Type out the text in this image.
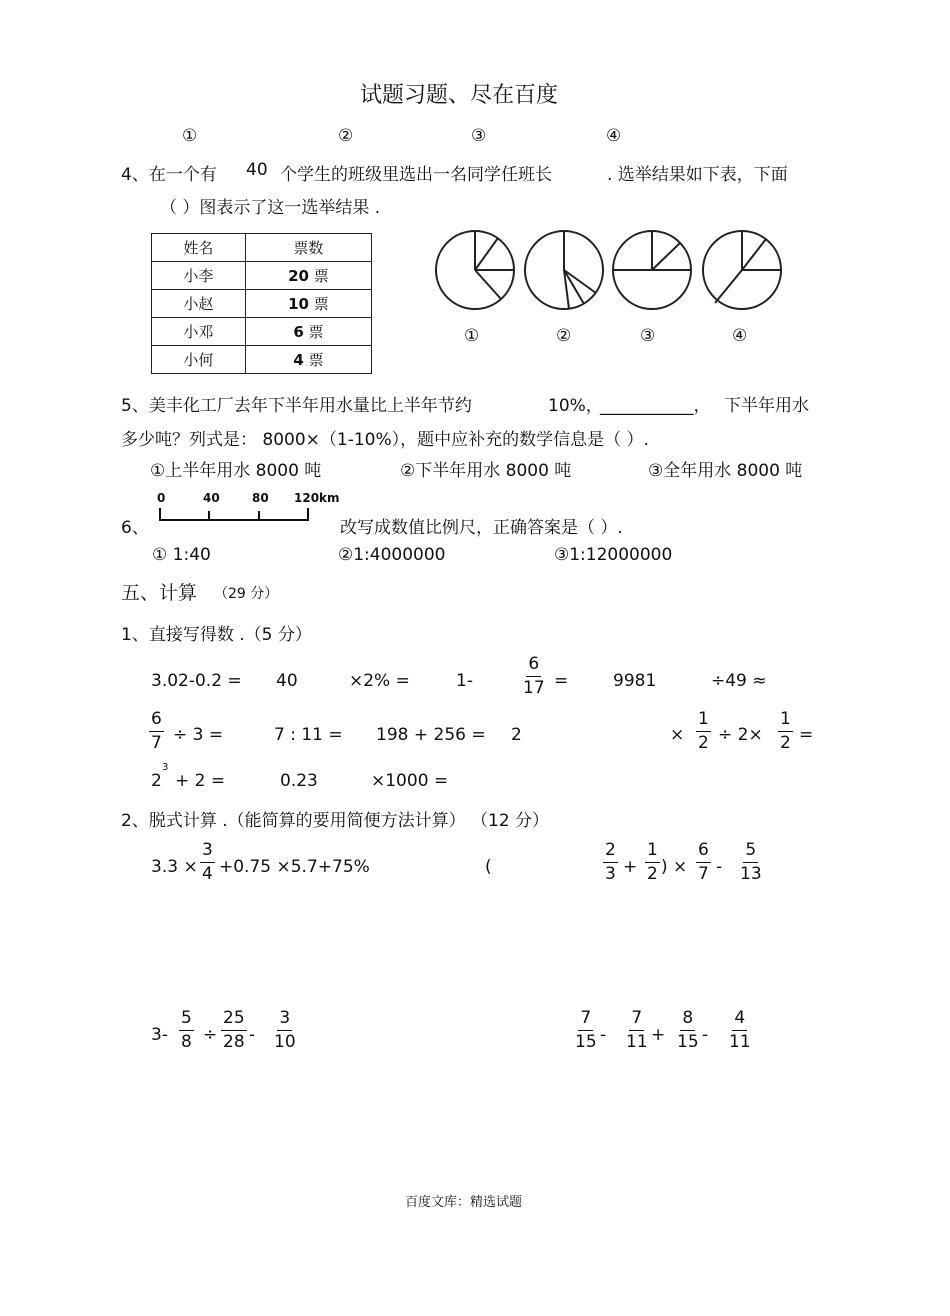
试题习题、尽在百度
①	②	③	④
4、在一个有 40 个学生的班级里选出一名同学任班长	. 选举结果如下表，下面
（ ）图表示了这一选举结果 .
姓名	票数
小李	20 票
小赵	10 票
小邓	6 票
小何	4 票
①	②	③	④
5、美丰化工厂去年下半年用水量比上半年节约	10%，
___________， 下半年用水
多少吨？列式是： 8000×（1-10%），题中应补充的数学信息是（ ）.
①上半年用水 8000 吨	②下半年用水 8000 吨	③全年用水 8000 吨
6、
0	40	80 120km
改写成数值比例尺，正确答案是（ ）.
① 1:40	②1:4000000	③1:12000000
五、计算 （29 分）
1、直接写得数 .（5 分）
3.02-0.2 = 40	×2% =	1-	$\frac{6}{17}$ =	9981	÷49 ≈
$\frac{6}{7} \div 3$ =	7 : 11 = 198 + 256 = 2	× $\frac{1}{2} \div 2\times \frac{1}{2}$ =
2
3
+ 2 =	0.23	×1000 =
2、脱式计算 .（能简算的要用简便方法计算） （12 分）
$3.3 \times \frac{3}{4} +0.75 \times 5.7+75\%$	(	$\frac{2}{3} + \frac{1}{2}$ ) × $\frac{6}{7} - \frac{5}{13}$
$3- \frac{5}{8} \div \frac{25}{28} - \frac{3}{10}$	$\frac{7}{15} - \frac{7}{11} + \frac{8}{15} - \frac{4}{11}$
百度文库：精选试题
